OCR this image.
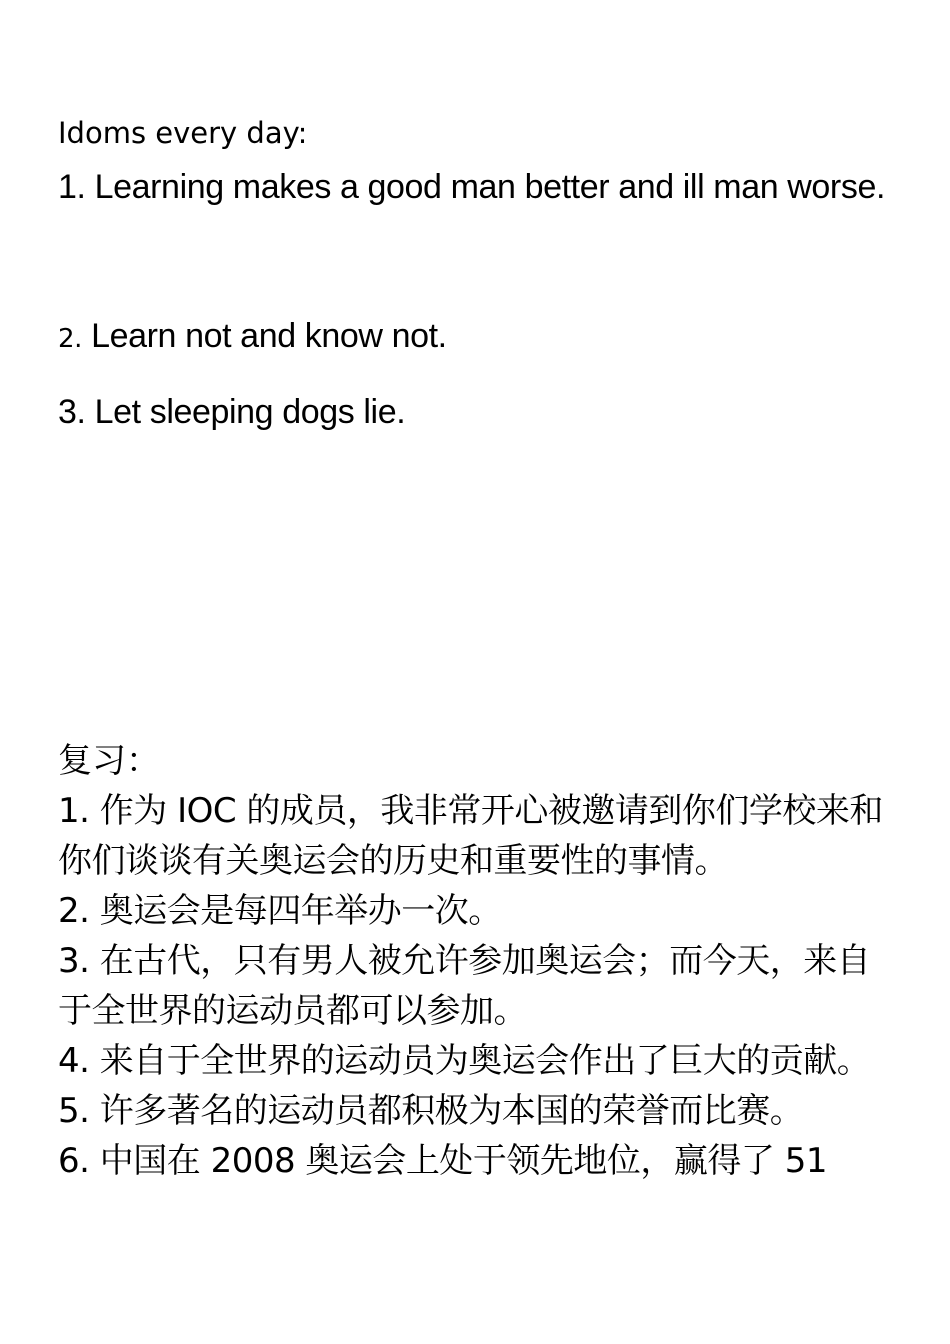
Idoms every day:
1. Learning makes a good man better and ill man worse.
2. Learn not and know not.
3. Let sleeping dogs lie.
复习：

1. 作为 IOC 的成员，我非常开心被邀请到你们学校来和你们谈谈有关奥运会的历史和重要性的事情。

2. 奥运会是每四年举办一次。

3. 在古代，只有男人被允许参加奥运会；而今天，来自于全世界的运动员都可以参加。

4. 来自于全世界的运动员为奥运会作出了巨大的贡献。

5. 许多著名的运动员都积极为本国的荣誉而比赛。

6. 中国在 2008 奥运会上处于领先地位，赢得了 51
